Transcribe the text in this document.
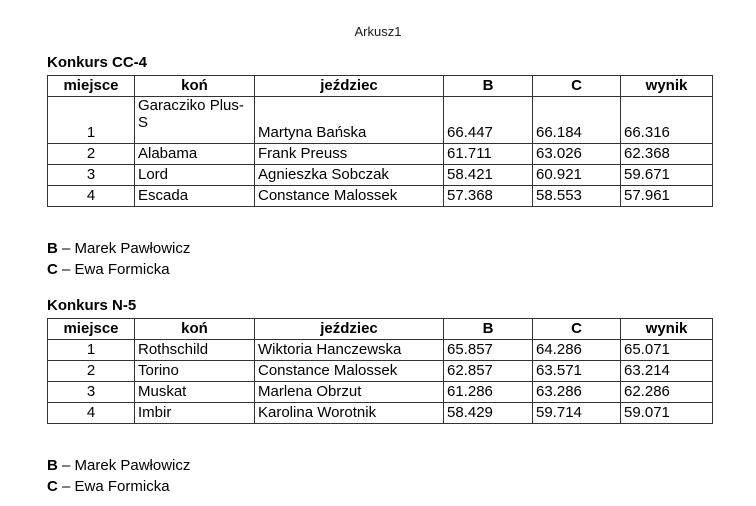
Arkusz1
Konkurs CC-4
miejsce	koń	jeździec	B	C	wynik
1	Garacziko Plus-S	Martyna Bańska	66.447	66.184	66.316
2	Alabama	Frank Preuss	61.711	63.026	62.368
3	Lord	Agnieszka Sobczak	58.421	60.921	59.671
4	Escada	Constance Malossek	57.368	58.553	57.961
B – Marek Pawłowicz
C – Ewa Formicka
Konkurs N-5
miejsce	koń	jeździec	B	C	wynik
1	Rothschild	Wiktoria Hanczewska	65.857	64.286	65.071
2	Torino	Constance Malossek	62.857	63.571	63.214
3	Muskat	Marlena Obrzut	61.286	63.286	62.286
4	Imbir	Karolina Worotnik	58.429	59.714	59.071
B – Marek Pawłowicz
C – Ewa Formicka
